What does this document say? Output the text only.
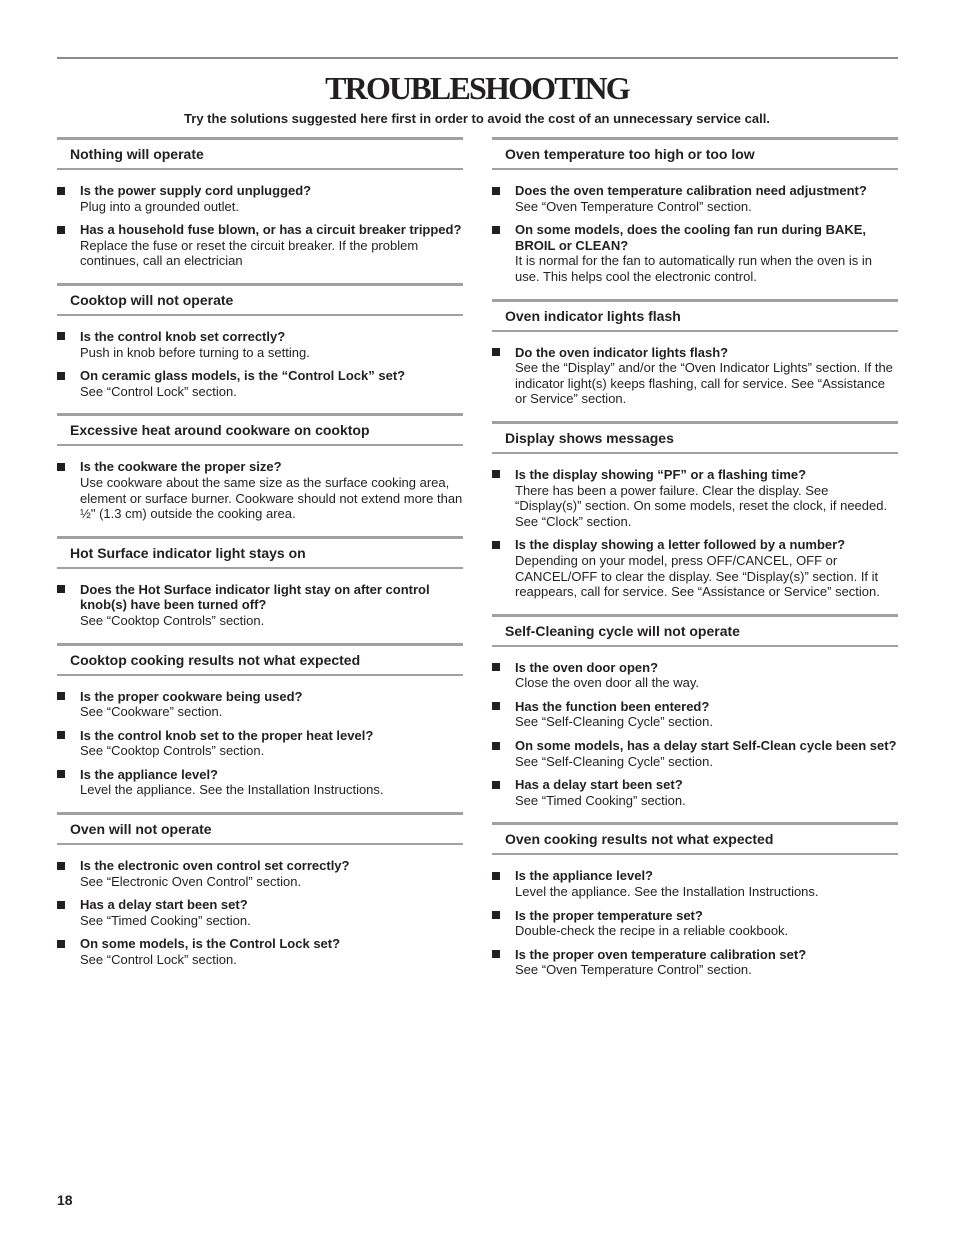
TROUBLESHOOTING

Try the solutions suggested here first in order to avoid the cost of an unnecessary service call.

Nothing will operate
Is the power supply cord unplugged?
Plug into a grounded outlet.
Has a household fuse blown, or has a circuit breaker tripped?
Replace the fuse or reset the circuit breaker. If the problem continues, call an electrician
Cooktop will not operate
Is the control knob set correctly?
Push in knob before turning to a setting.
On ceramic glass models, is the “Control Lock” set?
See “Control Lock” section.
Excessive heat around cookware on cooktop
Is the cookware the proper size?
Use cookware about the same size as the surface cooking area, element or surface burner. Cookware should not extend more than ½" (1.3 cm) outside the cooking area.
Hot Surface indicator light stays on
Does the Hot Surface indicator light stay on after control knob(s) have been turned off?
See “Cooktop Controls” section.
Cooktop cooking results not what expected
Is the proper cookware being used?
See “Cookware” section.
Is the control knob set to the proper heat level?
See “Cooktop Controls” section.
Is the appliance level?
Level the appliance. See the Installation Instructions.
Oven will not operate
Is the electronic oven control set correctly?
See “Electronic Oven Control” section.
Has a delay start been set?
See “Timed Cooking” section.
On some models, is the Control Lock set?
See “Control Lock” section.
Oven temperature too high or too low
Does the oven temperature calibration need adjustment?
See “Oven Temperature Control” section.
On some models, does the cooling fan run during BAKE, BROIL or CLEAN?
It is normal for the fan to automatically run when the oven is in use. This helps cool the electronic control.
Oven indicator lights flash
Do the oven indicator lights flash?
See the “Display” and/or the “Oven Indicator Lights” section. If the indicator light(s) keeps flashing, call for service. See “Assistance or Service” section.
Display shows messages
Is the display showing “PF” or a flashing time?
There has been a power failure. Clear the display. See “Display(s)” section. On some models, reset the clock, if needed. See “Clock” section.
Is the display showing a letter followed by a number?
Depending on your model, press OFF/CANCEL, OFF or CANCEL/OFF to clear the display. See “Display(s)” section. If it reappears, call for service. See “Assistance or Service” section.
Self-Cleaning cycle will not operate
Is the oven door open?
Close the oven door all the way.
Has the function been entered?
See “Self-Cleaning Cycle” section.
On some models, has a delay start Self-Clean cycle been set?
See “Self-Cleaning Cycle” section.
Has a delay start been set?
See “Timed Cooking” section.
Oven cooking results not what expected
Is the appliance level?
Level the appliance. See the Installation Instructions.
Is the proper temperature set?
Double-check the recipe in a reliable cookbook.
Is the proper oven temperature calibration set?
See “Oven Temperature Control” section.
18
